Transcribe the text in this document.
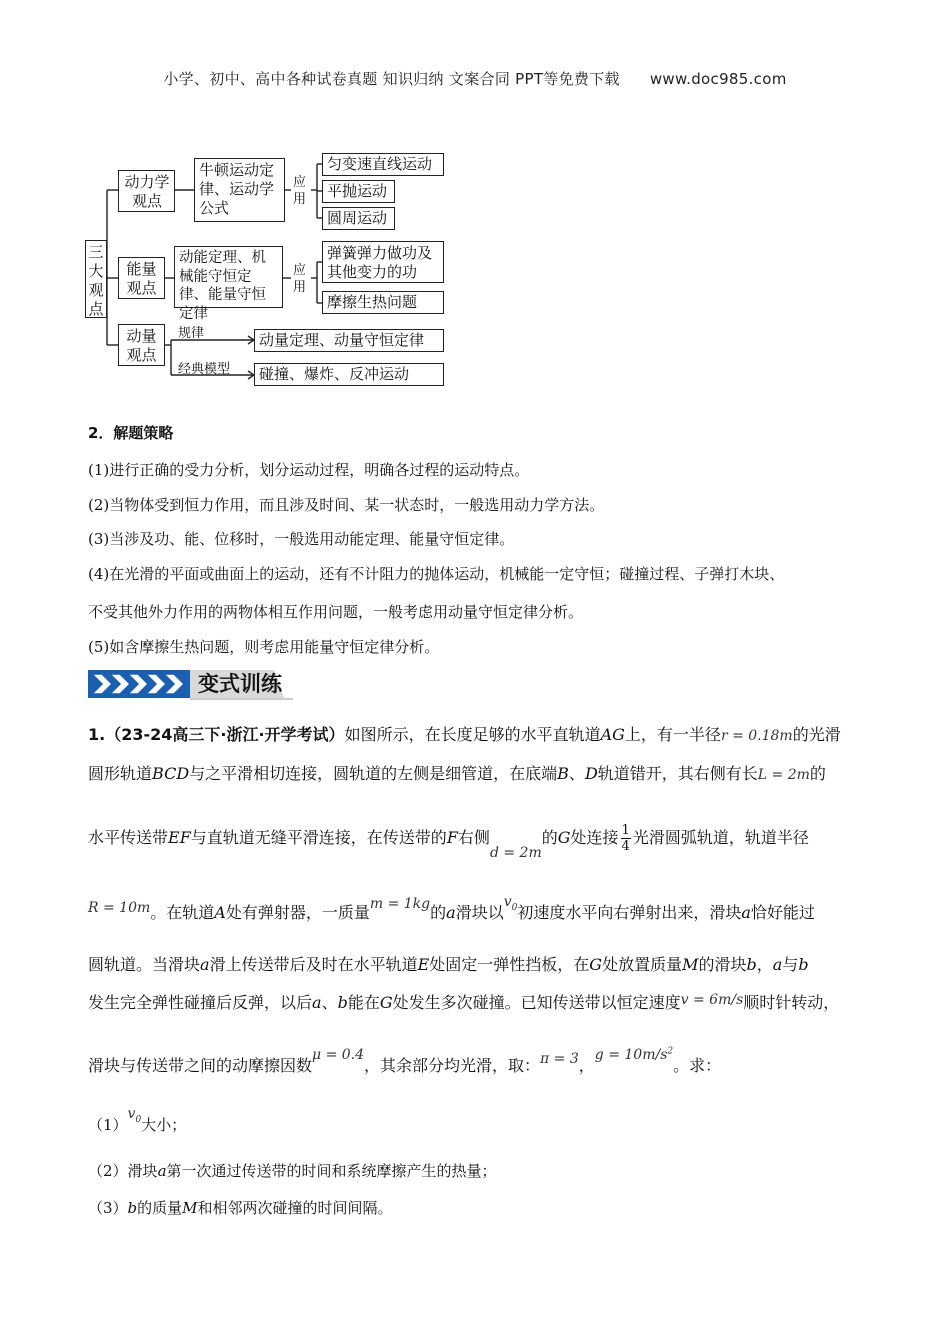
小学、初中、高中各种试卷真题 知识归纳 文案合同 PPT等免费下载 www.doc985.com
三大观点
动力学观点
牛顿运动定律、运动学公式
应用
匀变速直线运动
平抛运动
圆周运动
能量观点
动能定理、机械能守恒定律、能量守恒定律
应用
弹簧弹力做功及其他变力的功
摩擦生热问题
动量观点
规律
经典模型
动量定理、动量守恒定律
碰撞、爆炸、反冲运动
2．解题策略
(1)进行正确的受力分析，划分运动过程，明确各过程的运动特点。
(2)当物体受到恒力作用，而且涉及时间、某一状态时，一般选用动力学方法。
(3)当涉及功、能、位移时，一般选用动能定理、能量守恒定律。
(4)在光滑的平面或曲面上的运动，还有不计阻力的抛体运动，机械能一定守恒；碰撞过程、子弹打木块、
不受其他外力作用的两物体相互作用问题，一般考虑用动量守恒定律分析。
(5)如含摩擦生热问题，则考虑用能量守恒定律分析。
变式训练
1.（23-24高三下·浙江·开学考试）如图所示，在长度足够的水平直轨道AG上，有一半径r = 0.18m的光滑
圆形轨道BCD与之平滑相切连接，圆轨道的左侧是细管道，在底端B、D轨道错开，其右侧有长L = 2m的
水平传送带EF与直轨道无缝平滑连接，在传送带的F右侧d = 2m的G处连接 $\frac{1}{4}$ 光滑圆弧轨道，轨道半径
R = 10m。在轨道A处有弹射器，一质量m = 1kg的a滑块以$v_0$初速度水平向右弹射出来，滑块a恰好能过
圆轨道。当滑块a滑上传送带后及时在水平轨道E处固定一弹性挡板，在G处放置质量M的滑块b，a与b
发生完全弹性碰撞后反弹，以后a、b能在G处发生多次碰撞。已知传送带以恒定速度v = 6m/s顺时针转动，
滑块与传送带之间的动摩擦因数μ = 0.4，其余部分均光滑，取：π = 3，$g = 10m/s^2$。求：
$(1)v_0$大小；
（2）滑块a第一次通过传送带的时间和系统摩擦产生的热量；
（3）b的质量M和相邻两次碰撞的时间间隔。
